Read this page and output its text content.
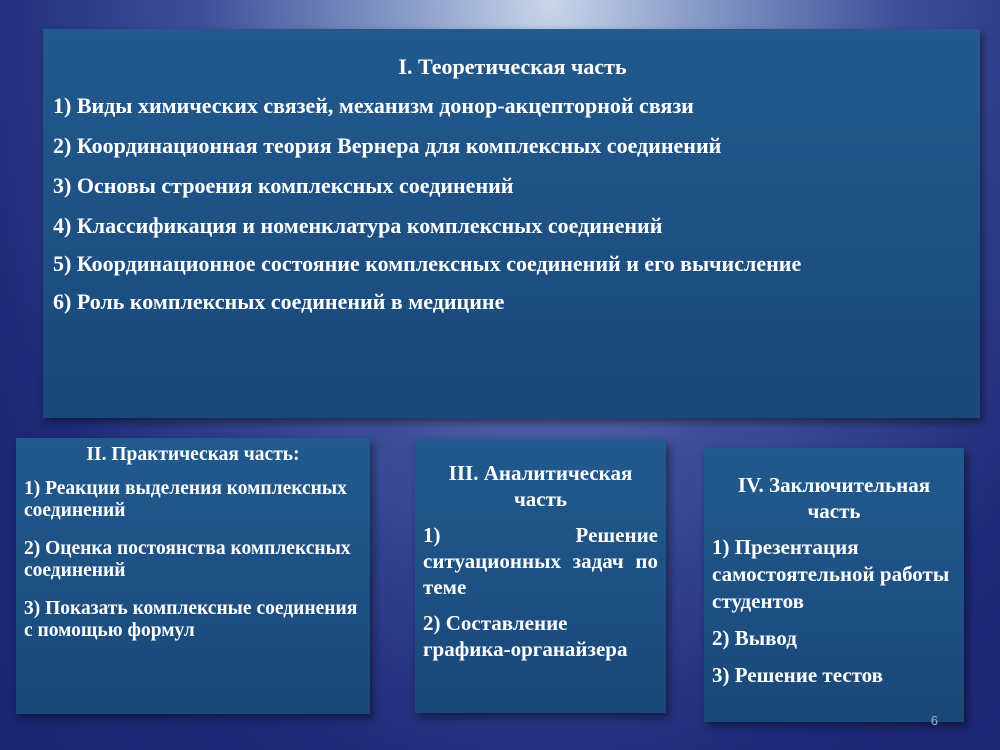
I. Теоретическая часть
1) Виды химических связей, механизм донор-акцепторной связи
2) Координационная теория Вернера для комплексных соединений
3) Основы строения комплексных соединений
4) Классификация и номенклатура комплексных соединений
5) Координационное состояние комплексных соединений и его вычисление
6) Роль комплексных соединений в медицине
II. Практическая часть:
1) Реакции выделения комплексных соединений
2) Оценка постоянства комплексных соединений
3) Показать комплексные соединения с помощью формул
III. Аналитическая часть
1) Решение ситуационных задач по теме
2) Составление графика-органайзера
IV. Заключительная часть
1) Презентация самостоятельной работы студентов
2) Вывод
3) Решение тестов
6
